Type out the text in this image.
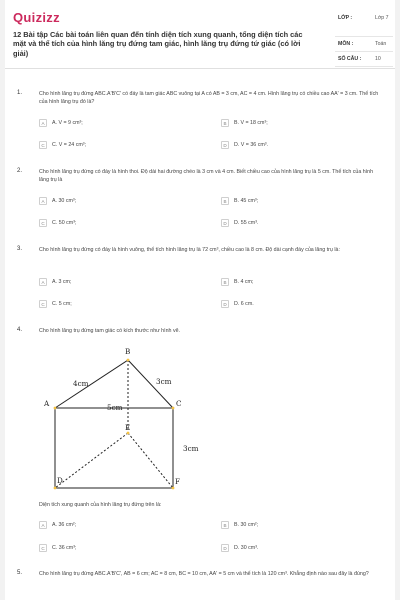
Quizizz
12 Bài tập Các bài toán liên quan đến tính diện tích xung quanh, tổng diện tích các mặt và thể tích của hình lăng trụ đứng tam giác, hình lăng trụ đứng tứ giác (có lời giải)
LỚP :	Lớp 7
MÔN :	Toán
SỐ CÂU :	10
1.	Cho hình lăng trụ đứng ABC.A'B'C' có đáy là tam giác ABC vuông tại A có AB = 3 cm, AC = 4 cm. Hình lăng trụ có chiều cao AA' = 3 cm. Thể tích của hình lăng trụ đó là?
A	A. V = 9 cm³;	B	B. V = 18 cm³;
C	C. V = 24 cm³;	D	D. V = 36 cm³.
2.	Cho hình lăng trụ đứng có đáy là hình thoi. Độ dài hai đường chéo là 3 cm và 4 cm. Biết chiều cao của hình lăng trụ là 5 cm. Thể tích của hình lăng trụ là
A	A. 30 cm³;	B	B. 45 cm³;
C	C. 50 cm³;	D	D. 55 cm³.
3.	Cho hình lăng trụ đứng có đáy là hình vuông, thể tích hình lăng trụ là 72 cm³, chiều cao là 8 cm. Độ dài cạnh đáy của lăng trụ là:
A	A. 3 cm;	B	B. 4 cm;
C	C. 5 cm;	D	D. 6 cm.
4.	Cho hình lăng trụ đứng tam giác có kích thước như hình vẽ.
B
A	C
E
D	F
4cm	3cm
5cm
3cm
Diện tích xung quanh của hình lăng trụ đứng trên là:
A	A. 36 cm²;	B	B. 30 cm²;
C	C. 36 cm³;	D	D. 30 cm³.
5.	Cho hình lăng trụ đứng ABC.A'B'C', AB = 6 cm; AC = 8 cm, BC = 10 cm, AA' = 5 cm và thể tích là 120 cm³. Khẳng định nào sau đây là đúng?
